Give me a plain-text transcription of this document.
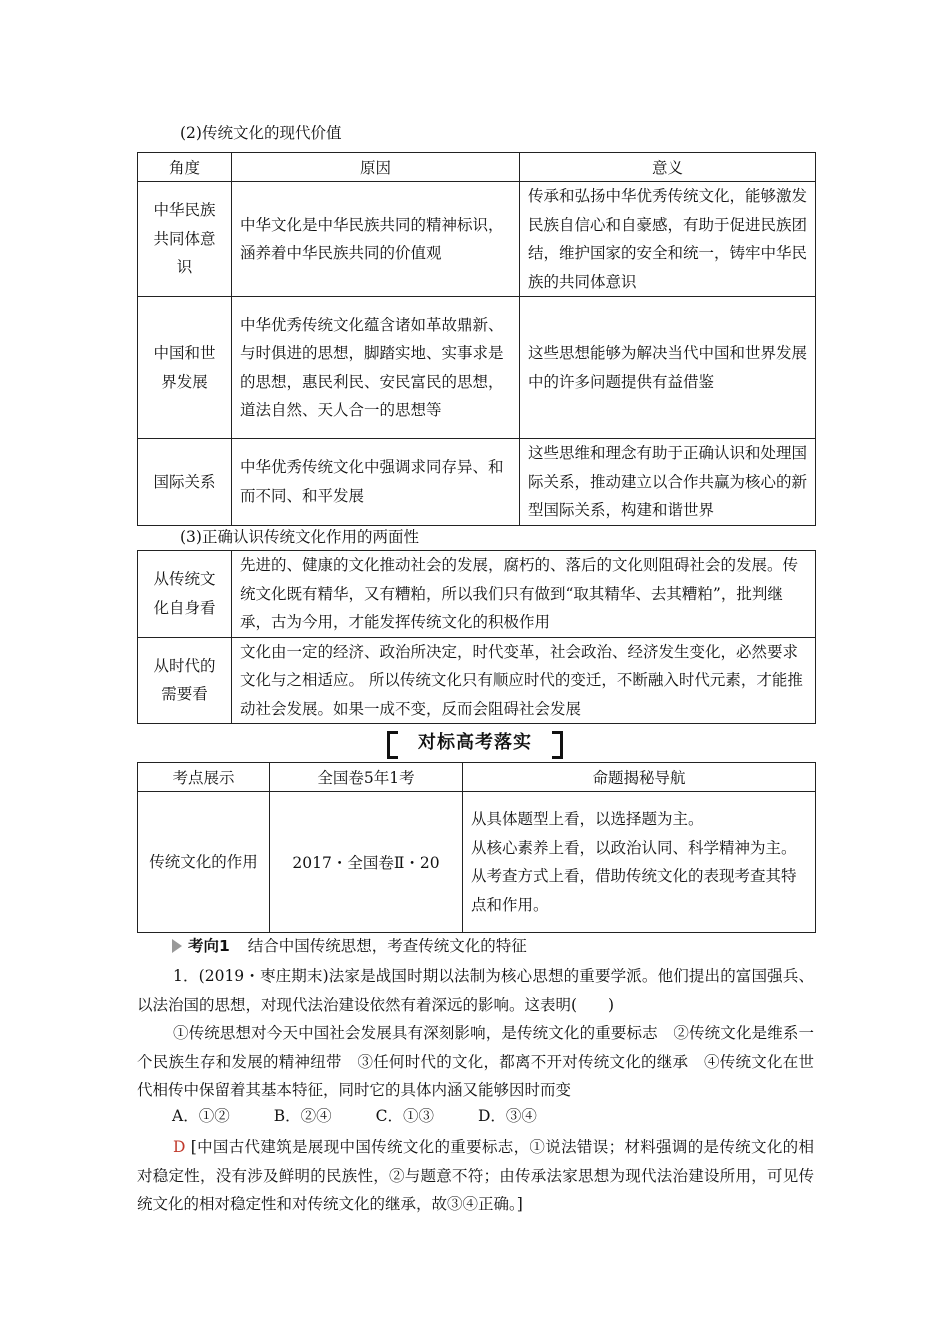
(2)传统文化的现代价值
角度	原因	意义
中华民族共同体意识	中华文化是中华民族共同的精神标识，涵养着中华民族共同的价值观	传承和弘扬中华优秀传统文化，能够激发民族自信心和自豪感，有助于促进民族团结，维护国家的安全和统一，铸牢中华民族的共同体意识
中国和世界发展	中华优秀传统文化蕴含诸如革故鼎新、与时俱进的思想，脚踏实地、实事求是的思想，惠民利民、安民富民的思想，道法自然、天人合一的思想等	这些思想能够为解决当代中国和世界发展中的许多问题提供有益借鉴
国际关系	中华优秀传统文化中强调求同存异、和而不同、和平发展	这些思维和理念有助于正确认识和处理国际关系，推动建立以合作共赢为核心的新型国际关系，构建和谐世界
(3)正确认识传统文化作用的两面性
从传统文化自身看	先进的、健康的文化推动社会的发展，腐朽的、落后的文化则阻碍社会的发展。传统文化既有精华，又有糟粕，所以我们只有做到“取其精华、去其糟粕”，批判继承，古为今用，才能发挥传统文化的积极作用
从时代的需要看	文化由一定的经济、政治所决定，时代变革，社会政治、经济发生变化，必然要求文化与之相适应。 所以传统文化只有顺应时代的变迁，不断融入时代元素，才能推动社会发展。如果一成不变，反而会阻碍社会发展
对标高考落实
考点展示	全国卷5年1考	命题揭秘导航
传统文化的作用	2017・全国卷Ⅱ・20	从具体题型上看，以选择题为主。
从核心素养上看，以政治认同、科学精神为主。
从考查方式上看，借助传统文化的表现考查其特点和作用。
考向1 结合中国传统思想，考查传统文化的特征
1．(2019・枣庄期末)法家是战国时期以法制为核心思想的重要学派。他们提出的富国强兵、以法治国的思想，对现代法治建设依然有着深远的影响。这表明(　　)
①传统思想对今天中国社会发展具有深刻影响，是传统文化的重要标志　②传统文化是维系一个民族生存和发展的精神纽带　③任何时代的文化，都离不开对传统文化的继承　④传统文化在世代相传中保留着其基本特征，同时它的具体内涵又能够因时而变
A．①②	B．②④	C．①③	D．③④
D [中国古代建筑是展现中国传统文化的重要标志，①说法错误；材料强调的是传统文化的相对稳定性，没有涉及鲜明的民族性，②与题意不符；由传承法家思想为现代法治建设所用，可见传统文化的相对稳定性和对传统文化的继承，故③④正确。]
